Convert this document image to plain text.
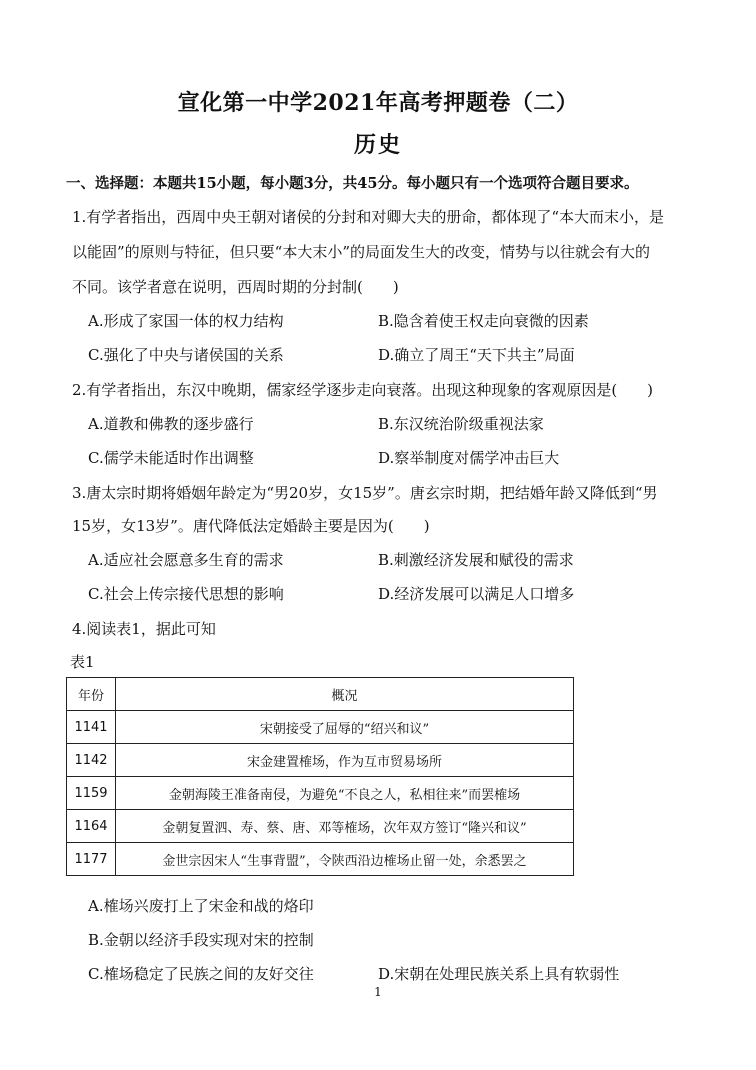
宣化第一中学2021年高考押题卷（二）
历史
一、选择题：本题共15小题，每小题3分，共45分。每小题只有一个选项符合题目要求。
1.有学者指出，西周中央王朝对诸侯的分封和对卿大夫的册命，都体现了“本大而末小，是
以能固”的原则与特征，但只要“本大末小”的局面发生大的改变，情势与以往就会有大的
不同。该学者意在说明，西周时期的分封制(　　)
A.形成了家国一体的权力结构	B.隐含着使王权走向衰微的因素
C.强化了中央与诸侯国的关系	D.确立了周王“天下共主”局面
2.有学者指出，东汉中晚期，儒家经学逐步走向衰落。出现这种现象的客观原因是(　　)
A.道教和佛教的逐步盛行	B.东汉统治阶级重视法家
C.儒学未能适时作出调整	D.察举制度对儒学冲击巨大
3.唐太宗时期将婚姻年龄定为“男20岁，女15岁”。唐玄宗时期，把结婚年龄又降低到“男
15岁，女13岁”。唐代降低法定婚龄主要是因为(　　)
A.适应社会愿意多生育的需求	B.刺激经济发展和赋役的需求
C.社会上传宗接代思想的影响	D.经济发展可以满足人口增多
4.阅读表1，据此可知
表1
年份	概况
1141	宋朝接受了屈辱的“绍兴和议”
1142	宋金建置榷场，作为互市贸易场所
1159	金朝海陵王准备南侵，为避免“不良之人，私相往来”而罢榷场
1164	金朝复置泗、寿、蔡、唐、邓等榷场，次年双方签订“隆兴和议”
1177	金世宗因宋人“生事背盟”，令陕西沿边榷场止留一处，余悉罢之
A.榷场兴废打上了宋金和战的烙印
B.金朝以经济手段实现对宋的控制
C.榷场稳定了民族之间的友好交往	D.宋朝在处理民族关系上具有软弱性
1
